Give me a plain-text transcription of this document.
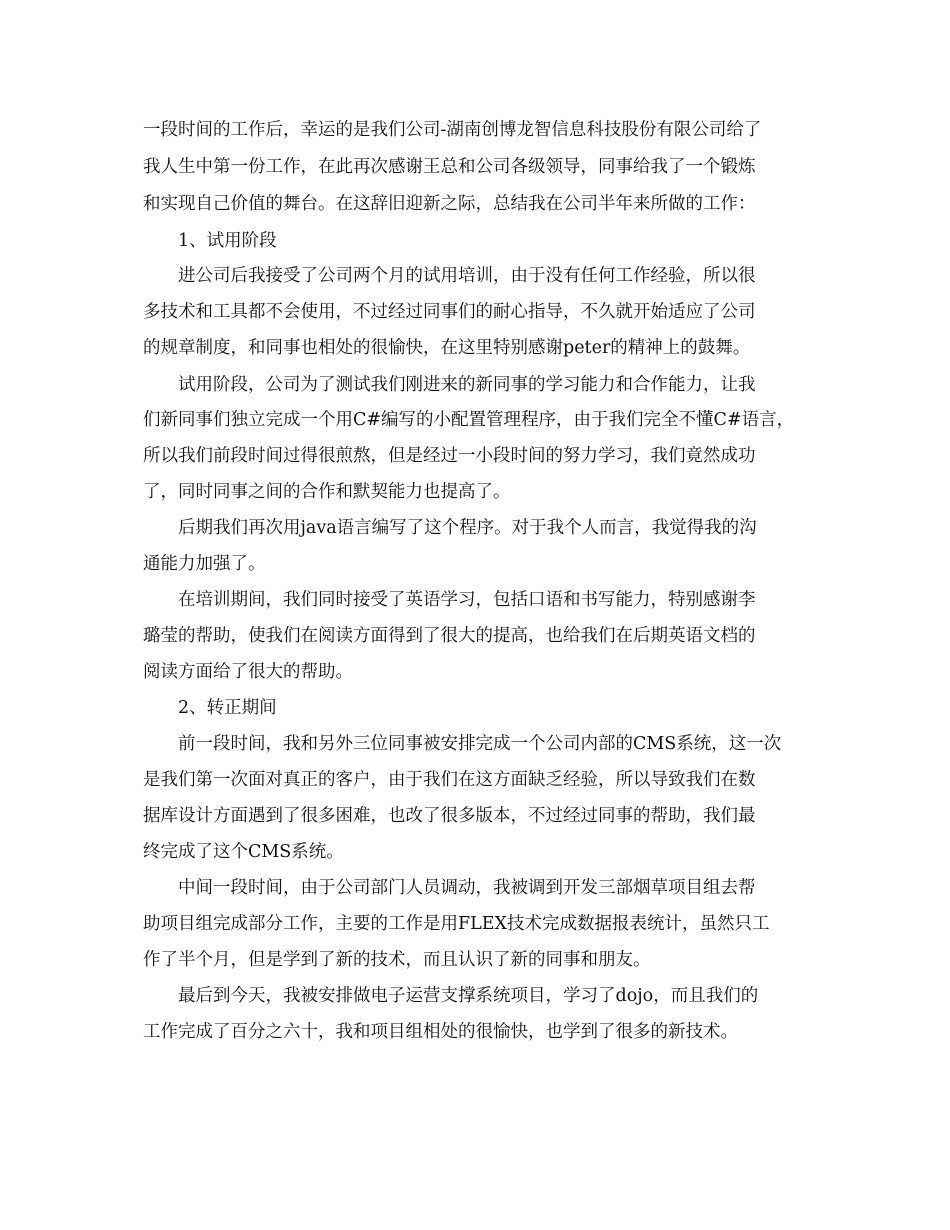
一段时间的工作后，幸运的是我们公司-湖南创博龙智信息科技股份有限公司给了
我人生中第一份工作，在此再次感谢王总和公司各级领导，同事给我了一个锻炼
和实现自己价值的舞台。在这辞旧迎新之际，总结我在公司半年来所做的工作：
1、试用阶段
进公司后我接受了公司两个月的试用培训，由于没有任何工作经验，所以很
多技术和工具都不会使用，不过经过同事们的耐心指导，不久就开始适应了公司
的规章制度，和同事也相处的很愉快，在这里特别感谢peter的精神上的鼓舞。
试用阶段，公司为了测试我们刚进来的新同事的学习能力和合作能力，让我
们新同事们独立完成一个用C#编写的小配置管理程序，由于我们完全不懂C#语言，
所以我们前段时间过得很煎熬，但是经过一小段时间的努力学习，我们竟然成功
了，同时同事之间的合作和默契能力也提高了。
后期我们再次用java语言编写了这个程序。对于我个人而言，我觉得我的沟
通能力加强了。
在培训期间，我们同时接受了英语学习，包括口语和书写能力，特别感谢李
璐莹的帮助，使我们在阅读方面得到了很大的提高，也给我们在后期英语文档的
阅读方面给了很大的帮助。
2、转正期间
前一段时间，我和另外三位同事被安排完成一个公司内部的CMS系统，这一次
是我们第一次面对真正的客户，由于我们在这方面缺乏经验，所以导致我们在数
据库设计方面遇到了很多困难，也改了很多版本，不过经过同事的帮助，我们最
终完成了这个CMS系统。
中间一段时间，由于公司部门人员调动，我被调到开发三部烟草项目组去帮
助项目组完成部分工作，主要的工作是用FLEX技术完成数据报表统计，虽然只工
作了半个月，但是学到了新的技术，而且认识了新的同事和朋友。
最后到今天，我被安排做电子运营支撑系统项目，学习了dojo，而且我们的
工作完成了百分之六十，我和项目组相处的很愉快，也学到了很多的新技术。
